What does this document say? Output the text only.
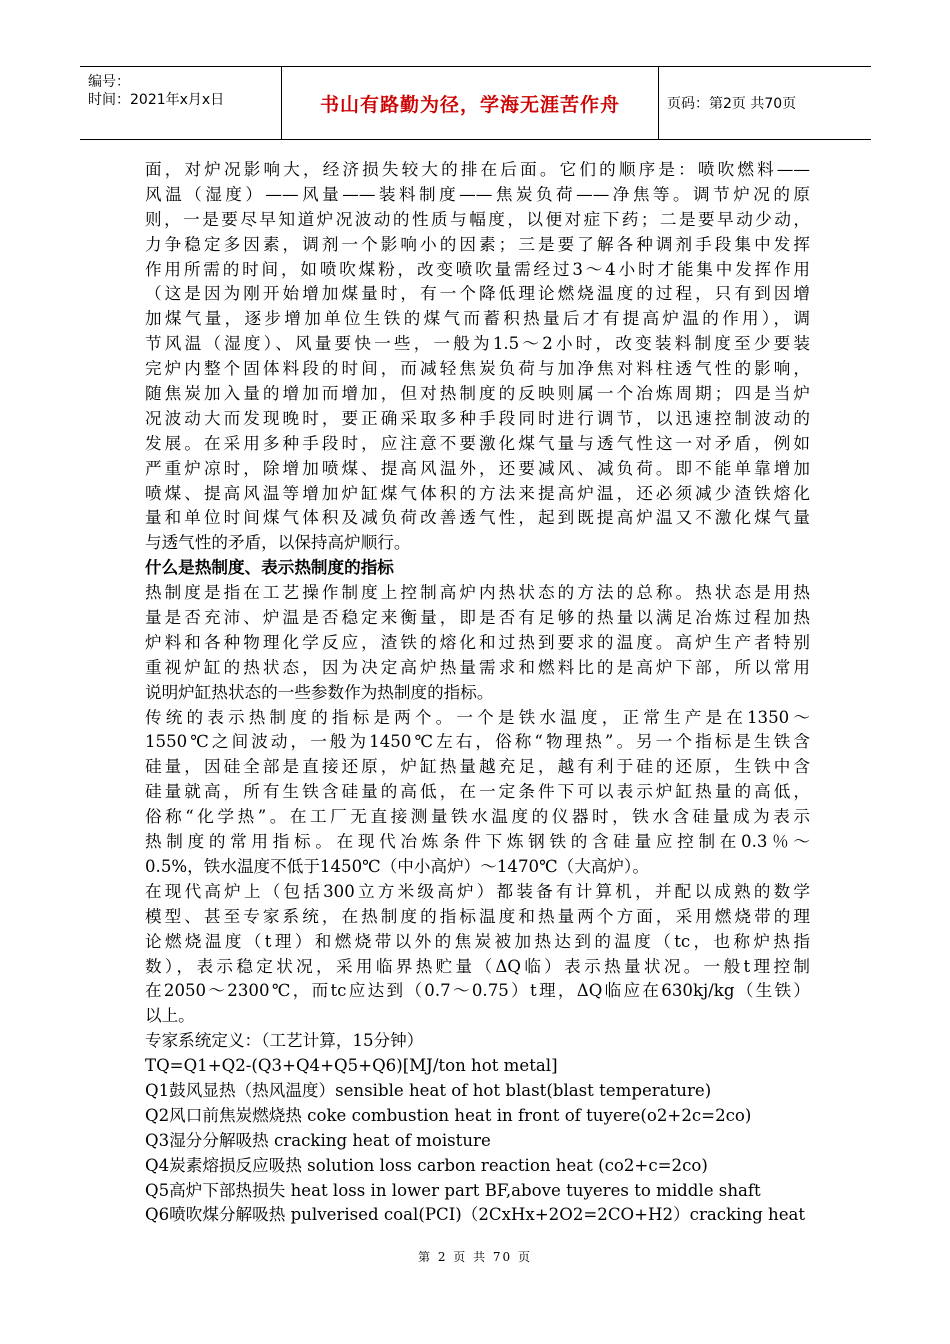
编号：
时间：2021年x月x日	书山有路勤为径，学海无涯苦作舟	页码：第2页 共70页
面，对炉况影响大，经济损失较大的排在后面。它们的顺序是：喷吹燃料——
风温（湿度）——风量——装料制度——焦炭负荷——净焦等。调节炉况的原
则，一是要尽早知道炉况波动的性质与幅度，以便对症下药；二是要早动少动，
力争稳定多因素，调剂一个影响小的因素；三是要了解各种调剂手段集中发挥
作用所需的时间，如喷吹煤粉，改变喷吹量需经过3～4小时才能集中发挥作用
（这是因为刚开始增加煤量时，有一个降低理论燃烧温度的过程，只有到因增
加煤气量，逐步增加单位生铁的煤气而蓄积热量后才有提高炉温的作用），调
节风温（湿度）、风量要快一些，一般为1.5～2小时，改变装料制度至少要装
完炉内整个固体料段的时间，而减轻焦炭负荷与加净焦对料柱透气性的影响，
随焦炭加入量的增加而增加，但对热制度的反映则属一个冶炼周期；四是当炉
况波动大而发现晚时，要正确采取多种手段同时进行调节，以迅速控制波动的
发展。在采用多种手段时，应注意不要激化煤气量与透气性这一对矛盾，例如
严重炉凉时，除增加喷煤、提高风温外，还要减风、减负荷。即不能单靠增加
喷煤、提高风温等增加炉缸煤气体积的方法来提高炉温，还必须减少渣铁熔化
量和单位时间煤气体积及减负荷改善透气性，起到既提高炉温又不激化煤气量
与透气性的矛盾，以保持高炉顺行。
什么是热制度、表示热制度的指标
热制度是指在工艺操作制度上控制高炉内热状态的方法的总称。热状态是用热
量是否充沛、炉温是否稳定来衡量，即是否有足够的热量以满足冶炼过程加热
炉料和各种物理化学反应，渣铁的熔化和过热到要求的温度。高炉生产者特别
重视炉缸的热状态，因为决定高炉热量需求和燃料比的是高炉下部，所以常用
说明炉缸热状态的一些参数作为热制度的指标。
传统的表示热制度的指标是两个。一个是铁水温度，正常生产是在1350～
1550℃之间波动，一般为1450℃左右，俗称“物理热”。另一个指标是生铁含
硅量，因硅全部是直接还原，炉缸热量越充足，越有利于硅的还原，生铁中含
硅量就高，所有生铁含硅量的高低，在一定条件下可以表示炉缸热量的高低，
俗称“化学热”。在工厂无直接测量铁水温度的仪器时，铁水含硅量成为表示
热制度的常用指标。在现代冶炼条件下炼钢铁的含硅量应控制在0.3％～
0.5%，铁水温度不低于1450℃（中小高炉）～1470℃（大高炉）。
在现代高炉上（包括300立方米级高炉）都装备有计算机，并配以成熟的数学
模型、甚至专家系统，在热制度的指标温度和热量两个方面，采用燃烧带的理
论燃烧温度（t理）和燃烧带以外的焦炭被加热达到的温度（tc，也称炉热指
数），表示稳定状况，采用临界热贮量（ΔQ临）表示热量状况。一般t理控制
在2050～2300℃，而tc应达到（0.7～0.75）t理，ΔQ临应在630kj/kg（生铁）
以上。
专家系统定义：（工艺计算，15分钟）
TQ=Q1+Q2-(Q3+Q4+Q5+Q6)[MJ/ton hot metal]
Q1鼓风显热（热风温度）sensible heat of hot blast(blast temperature)
Q2风口前焦炭燃烧热 coke combustion heat in front of tuyere(o2+2c=2co)
Q3湿分分解吸热 cracking heat of moisture
Q4炭素熔损反应吸热 solution loss carbon reaction heat (co2+c=2co)
Q5高炉下部热损失 heat loss in lower part BF,above tuyeres to middle shaft
Q6喷吹煤分解吸热 pulverised coal(PCI)（2CxHx+2O2=2CO+H2）cracking heat
第 2 页 共 70 页
